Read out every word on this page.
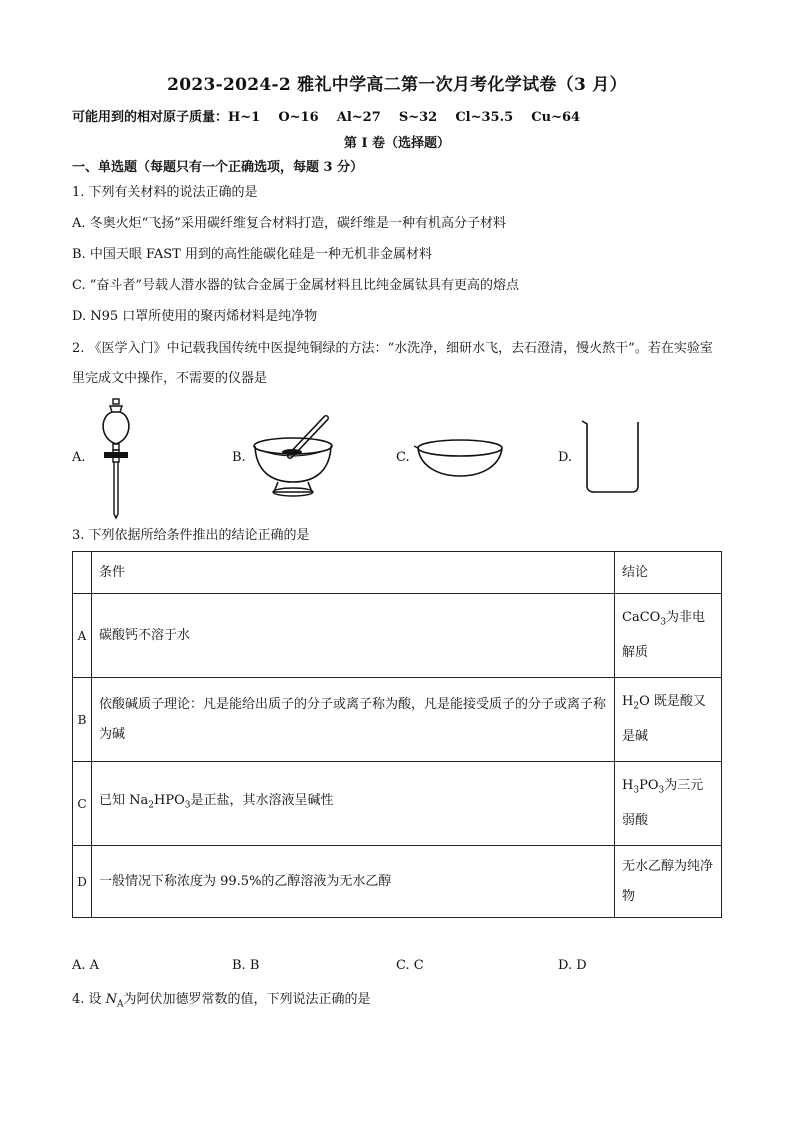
2023-2024-2 雅礼中学高二第一次月考化学试卷（3 月）
可能用到的相对原子质量：H~1    O~16    Al~27    S~32    Cl~35.5    Cu~64
第 I 卷（选择题）
一、单选题（每题只有一个正确选项，每题 3 分）
1. 下列有关材料的说法正确的是
A. 冬奥火炬“飞扬”采用碳纤维复合材料打造，碳纤维是一种有机高分子材料
B. 中国天眼 FAST 用到的高性能碳化硅是一种无机非金属材料
C. “奋斗者”号载人潜水器的钛合金属于金属材料且比纯金属钛具有更高的熔点
D. N95 口罩所使用的聚丙烯材料是纯净物
2. 《医学入门》中记载我国传统中医提纯铜绿的方法：“水洗净，细研水飞，去石澄清，慢火熬干”。若在实验室里完成文中操作，不需要的仪器是
A.	B.	C.	D.
3. 下列依据所给条件推出的结论正确的是
	条件	结论
A	碳酸钙不溶于水	CaCO$_3$为非电解质
B	依酸碱质子理论：凡是能给出质子的分子或离子称为酸，凡是能接受质子的分子或离子称为碱	$H_2O$ 既是酸又是碱
C	已知 $Na_2HPO_3$是正盐，其水溶液呈碱性	$H_3PO_3$为三元弱酸
D	一般情况下称浓度为 99.5%的乙醇溶液为无水乙醇	无水乙醇为纯净物
A. A	B. B	C. C	D. D
4. 设 $N_A$为阿伏加德罗常数的值，下列说法正确的是
